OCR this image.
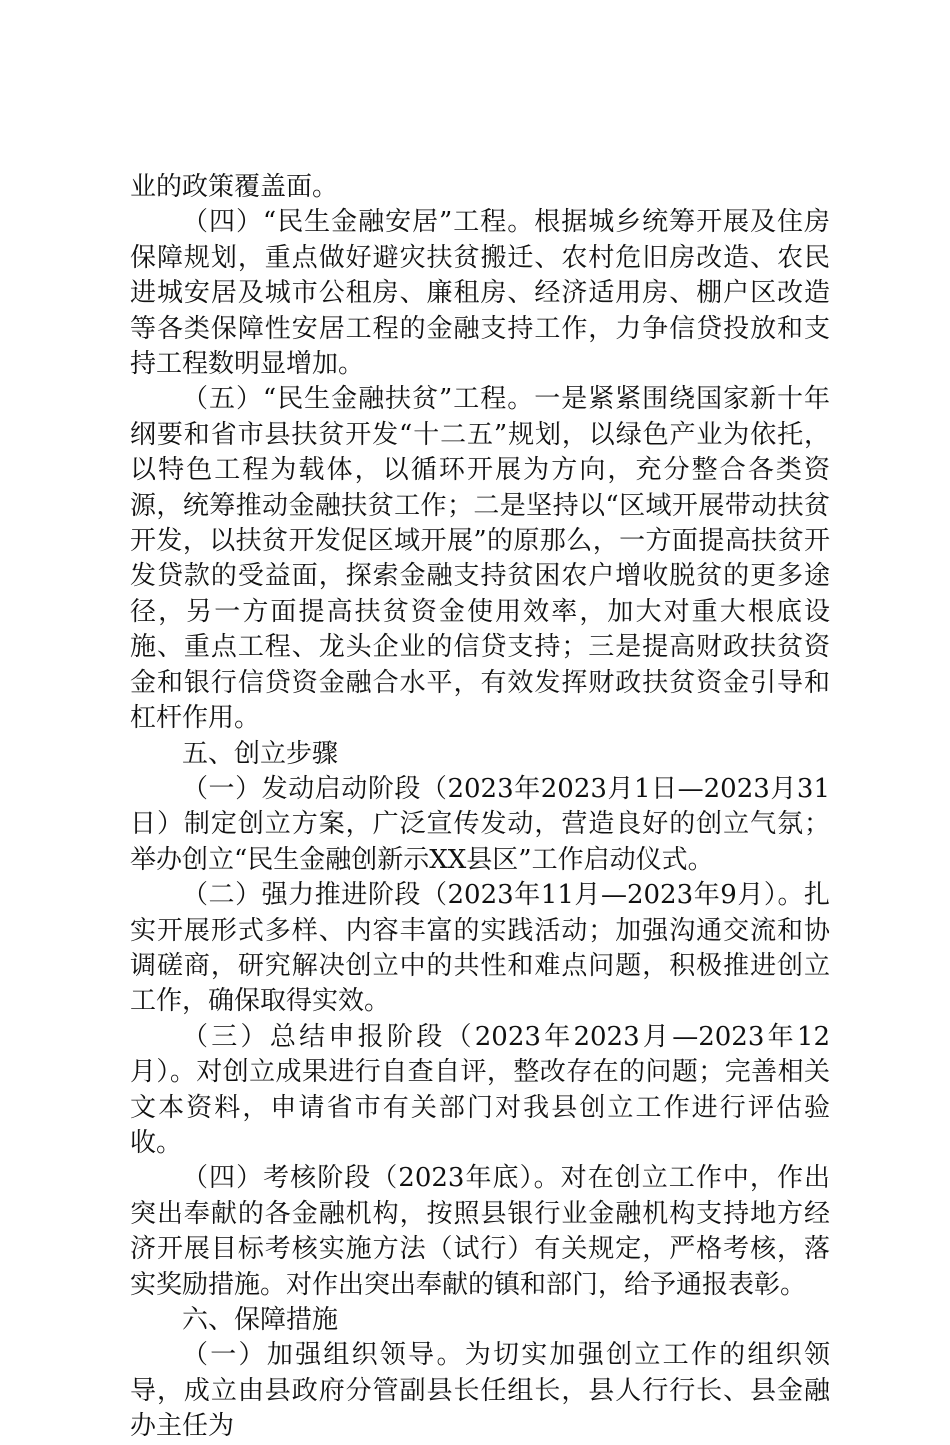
业的政策覆盖面。

（四）“民生金融安居”工程。根据城乡统筹开展及住房保障规划，重点做好避灾扶贫搬迁、农村危旧房改造、农民进城安居及城市公租房、廉租房、经济适用房、棚户区改造等各类保障性安居工程的金融支持工作，力争信贷投放和支持工程数明显增加。

（五）“民生金融扶贫”工程。一是紧紧围绕国家新十年纲要和省市县扶贫开发“十二五”规划，以绿色产业为依托，以特色工程为载体，以循环开展为方向，充分整合各类资源，统筹推动金融扶贫工作；二是坚持以“区域开展带动扶贫开发，以扶贫开发促区域开展”的原那么，一方面提高扶贫开发贷款的受益面，探索金融支持贫困农户增收脱贫的更多途径，另一方面提高扶贫资金使用效率，加大对重大根底设施、重点工程、龙头企业的信贷支持；三是提高财政扶贫资金和银行信贷资金融合水平，有效发挥财政扶贫资金引导和杠杆作用。

五、创立步骤

（一）发动启动阶段（2023年2023月1日—2023月31日）制定创立方案，广泛宣传发动，营造良好的创立气氛；举办创立“民生金融创新示XX县区”工作启动仪式。

（二）强力推进阶段（2023年11月—2023年9月）。扎实开展形式多样、内容丰富的实践活动；加强沟通交流和协调磋商，研究解决创立中的共性和难点问题，积极推进创立工作，确保取得实效。

（三）总结申报阶段（2023年2023月—2023年12月）。对创立成果进行自查自评，整改存在的问题；完善相关文本资料，申请省市有关部门对我县创立工作进行评估验收。

（四）考核阶段（2023年底）。对在创立工作中，作出突出奉献的各金融机构，按照县银行业金融机构支持地方经济开展目标考核实施方法（试行）有关规定，严格考核，落实奖励措施。对作出突出奉献的镇和部门，给予通报表彰。

六、保障措施

（一）加强组织领导。为切实加强创立工作的组织领导，成立由县政府分管副县长任组长，县人行行长、县金融办主任为
